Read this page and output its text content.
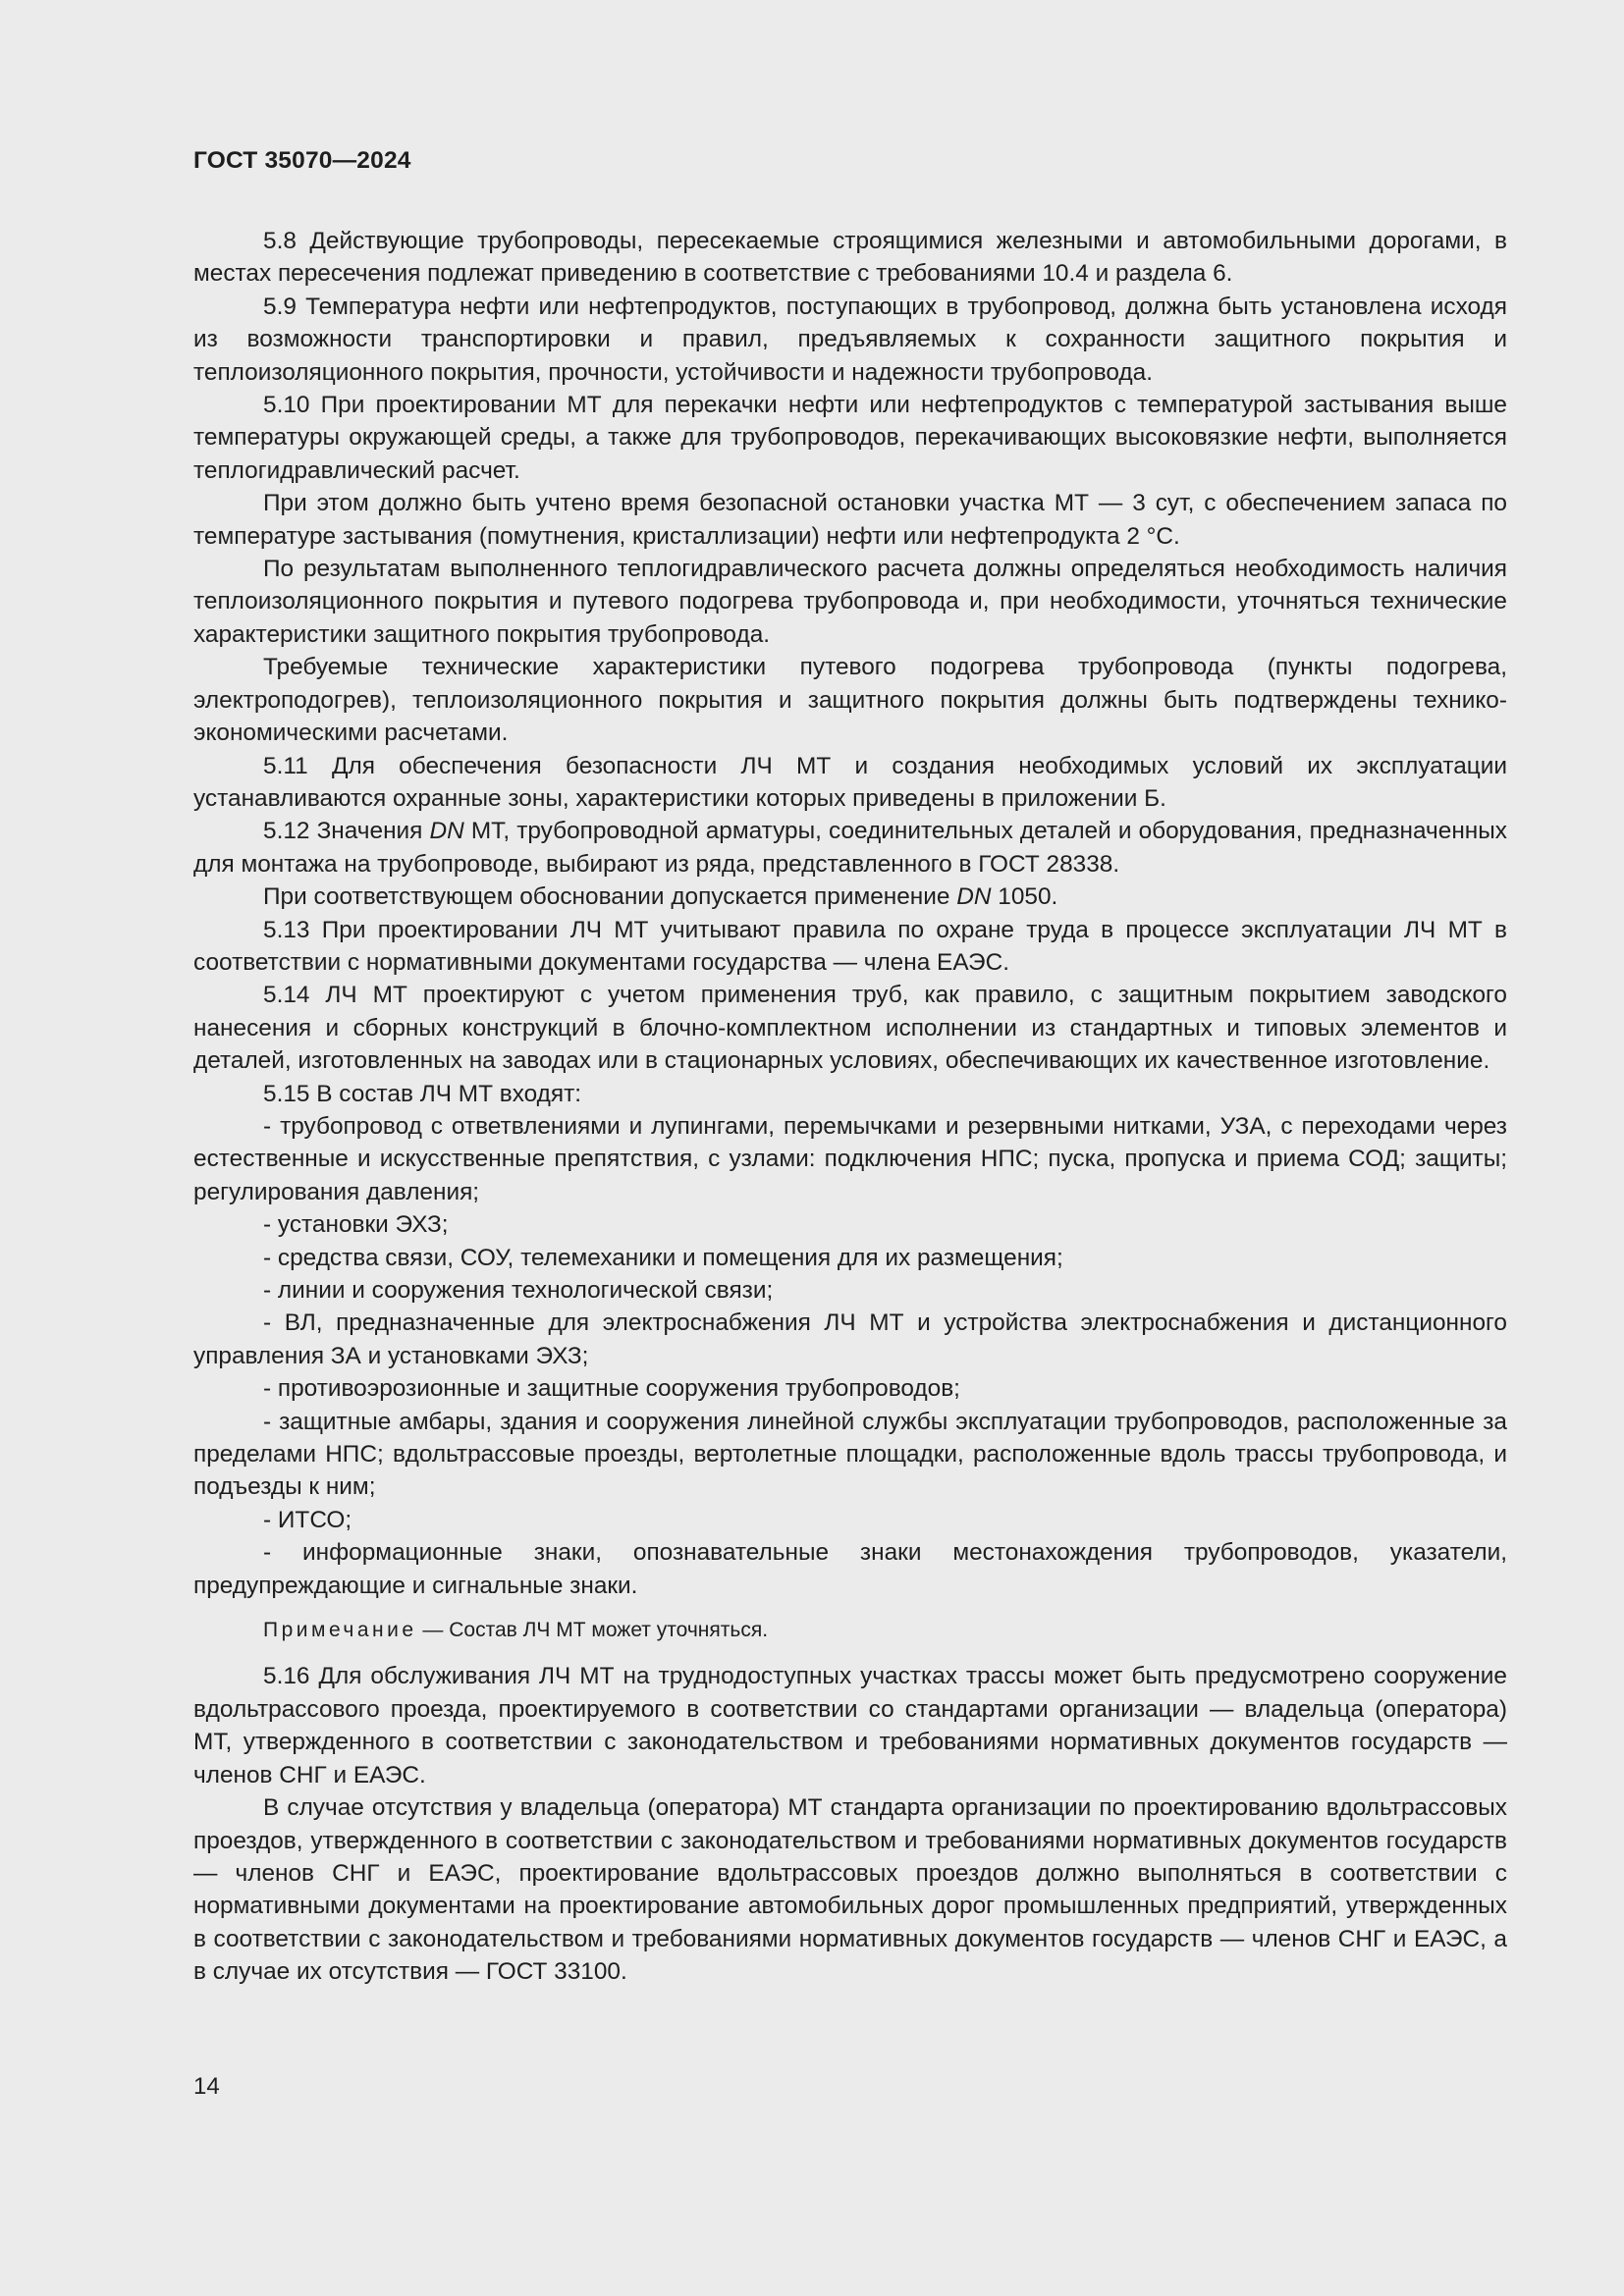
ГОСТ 35070—2024

5.8 Действующие трубопроводы, пересекаемые строящимися железными и автомобильными дорогами, в местах пересечения подлежат приведению в соответствие с требованиями 10.4 и раздела 6.

5.9 Температура нефти или нефтепродуктов, поступающих в трубопровод, должна быть установлена исходя из возможности транспортировки и правил, предъявляемых к сохранности защитного покрытия и теплоизоляционного покрытия, прочности, устойчивости и надежности трубопровода.

5.10 При проектировании МТ для перекачки нефти или нефтепродуктов с температурой застывания выше температуры окружающей среды, а также для трубопроводов, перекачивающих высоковязкие нефти, выполняется теплогидравлический расчет.

При этом должно быть учтено время безопасной остановки участка МТ — 3 сут, с обеспечением запаса по температуре застывания (помутнения, кристаллизации) нефти или нефтепродукта 2 °С.

По результатам выполненного теплогидравлического расчета должны определяться необходимость наличия теплоизоляционного покрытия и путевого подогрева трубопровода и, при необходимости, уточняться технические характеристики защитного покрытия трубопровода.

Требуемые технические характеристики путевого подогрева трубопровода (пункты подогрева, электроподогрев), теплоизоляционного покрытия и защитного покрытия должны быть подтверждены технико-экономическими расчетами.

5.11 Для обеспечения безопасности ЛЧ МТ и создания необходимых условий их эксплуатации устанавливаются охранные зоны, характеристики которых приведены в приложении Б.

5.12 Значения DN МТ, трубопроводной арматуры, соединительных деталей и оборудования, предназначенных для монтажа на трубопроводе, выбирают из ряда, представленного в ГОСТ 28338.

При соответствующем обосновании допускается применение DN 1050.

5.13 При проектировании ЛЧ МТ учитывают правила по охране труда в процессе эксплуатации ЛЧ МТ в соответствии с нормативными документами государства — члена ЕАЭС.

5.14 ЛЧ МТ проектируют с учетом применения труб, как правило, с защитным покрытием заводского нанесения и сборных конструкций в блочно-комплектном исполнении из стандартных и типовых элементов и деталей, изготовленных на заводах или в стационарных условиях, обеспечивающих их качественное изготовление.

5.15 В состав ЛЧ МТ входят:

- трубопровод с ответвлениями и лупингами, перемычками и резервными нитками, УЗА, с переходами через естественные и искусственные препятствия, с узлами: подключения НПС; пуска, пропуска и приема СОД; защиты; регулирования давления;

- установки ЭХЗ;

- средства связи, СОУ, телемеханики и помещения для их размещения;

- линии и сооружения технологической связи;

- ВЛ, предназначенные для электроснабжения ЛЧ МТ и устройства электроснабжения и дистанционного управления ЗА и установками ЭХЗ;

- противоэрозионные и защитные сооружения трубопроводов;

- защитные амбары, здания и сооружения линейной службы эксплуатации трубопроводов, расположенные за пределами НПС; вдольтрассовые проезды, вертолетные площадки, расположенные вдоль трассы трубопровода, и подъезды к ним;

- ИТСО;

- информационные знаки, опознавательные знаки местонахождения трубопроводов, указатели, предупреждающие и сигнальные знаки.

Примечание — Состав ЛЧ МТ может уточняться.

5.16 Для обслуживания ЛЧ МТ на труднодоступных участках трассы может быть предусмотрено сооружение вдольтрассового проезда, проектируемого в соответствии со стандартами организации — владельца (оператора) МТ, утвержденного в соответствии с законодательством и требованиями нормативных документов государств — членов СНГ и ЕАЭС.

В случае отсутствия у владельца (оператора) МТ стандарта организации по проектированию вдольтрассовых проездов, утвержденного в соответствии с законодательством и требованиями нормативных документов государств — членов СНГ и ЕАЭС, проектирование вдольтрассовых проездов должно выполняться в соответствии с нормативными документами на проектирование автомобильных дорог промышленных предприятий, утвержденных в соответствии с законодательством и требованиями нормативных документов государств — членов СНГ и ЕАЭС, а в случае их отсутствия — ГОСТ 33100.

14
